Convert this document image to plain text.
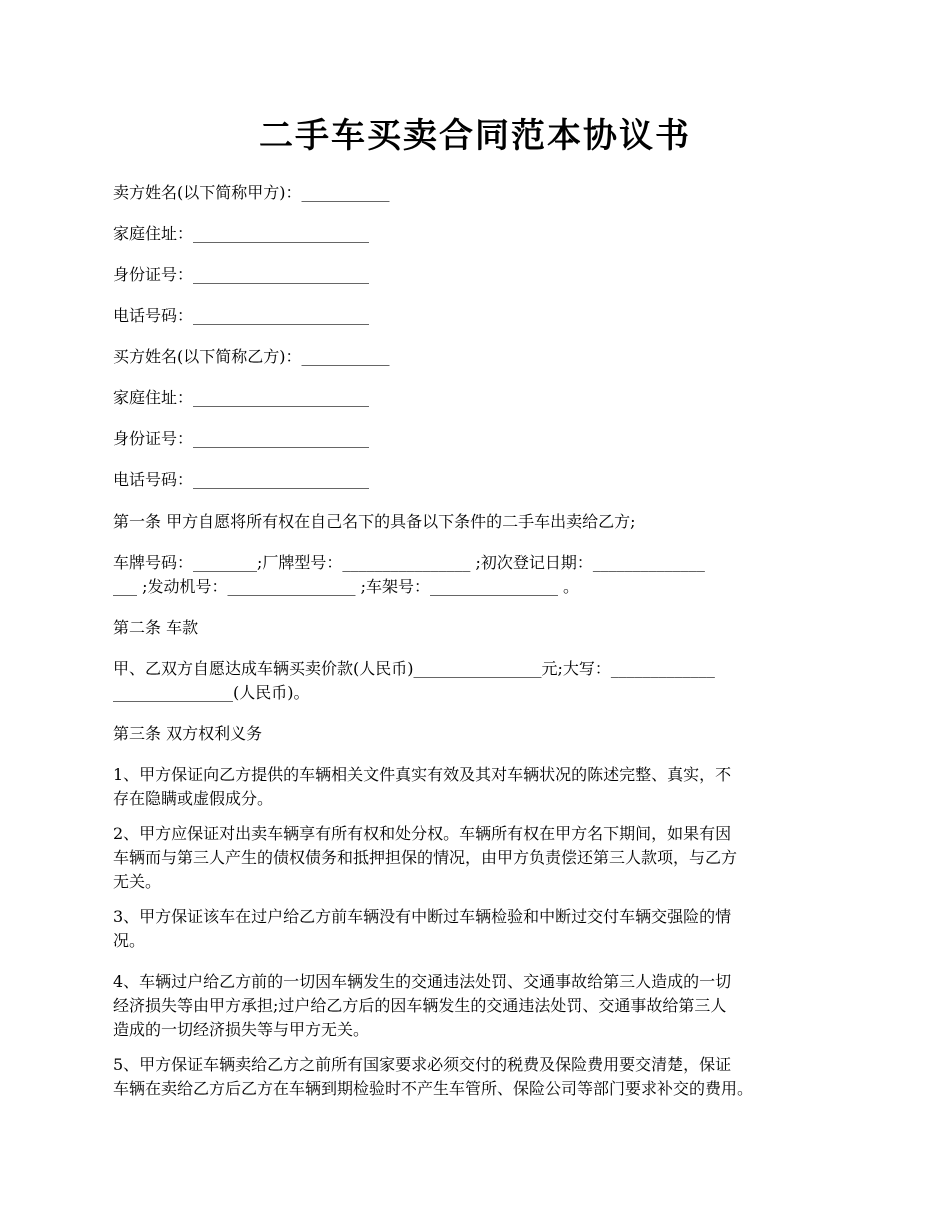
二手车买卖合同范本协议书
卖方姓名(以下简称甲方)：___________
家庭住址：______________________
身份证号：______________________
电话号码：______________________
买方姓名(以下简称乙方)：___________
家庭住址：______________________
身份证号：______________________
电话号码：______________________
第一条 甲方自愿将所有权在自己名下的具备以下条件的二手车出卖给乙方;
车牌号码：________;厂牌型号：________________ ;初次登记日期：______________
___ ;发动机号：________________ ;车架号：________________ 。
第二条 车款
甲、乙双方自愿达成车辆买卖价款(人民币)________________元;大写：_____________
_______________(人民币)。
第三条 双方权利义务
1、甲方保证向乙方提供的车辆相关文件真实有效及其对车辆状况的陈述完整、真实，不
存在隐瞒或虚假成分。
2、甲方应保证对出卖车辆享有所有权和处分权。车辆所有权在甲方名下期间，如果有因
车辆而与第三人产生的债权债务和抵押担保的情况，由甲方负责偿还第三人款项，与乙方
无关。
3、甲方保证该车在过户给乙方前车辆没有中断过车辆检验和中断过交付车辆交强险的情
况。
4、车辆过户给乙方前的一切因车辆发生的交通违法处罚、交通事故给第三人造成的一切
经济损失等由甲方承担;过户给乙方后的因车辆发生的交通违法处罚、交通事故给第三人
造成的一切经济损失等与甲方无关。
5、甲方保证车辆卖给乙方之前所有国家要求必须交付的税费及保险费用要交清楚，保证
车辆在卖给乙方后乙方在车辆到期检验时不产生车管所、保险公司等部门要求补交的费用。
